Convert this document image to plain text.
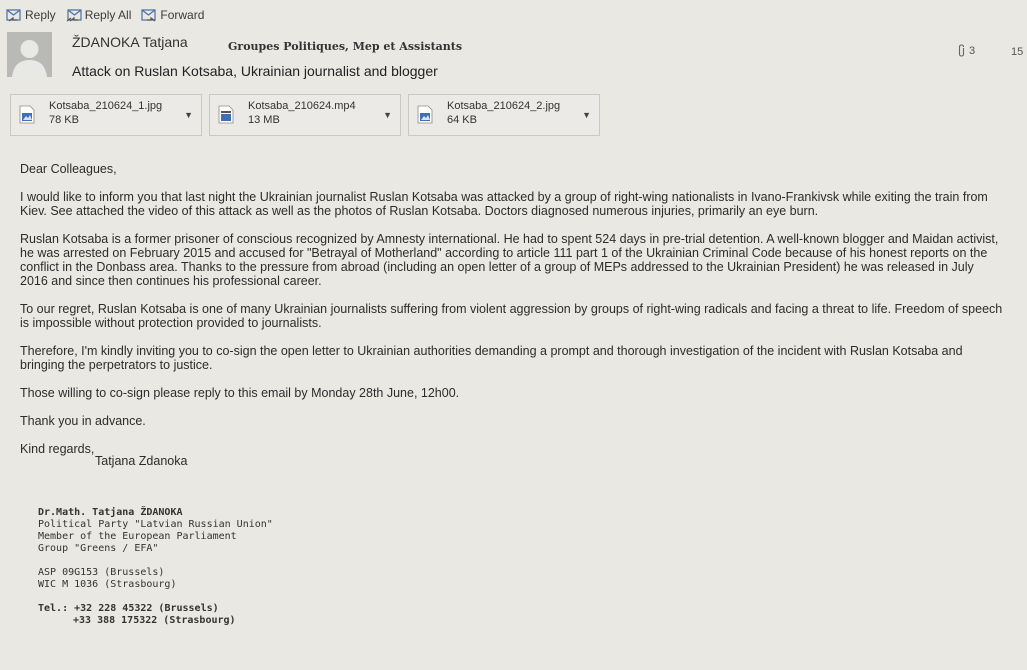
Reply Reply All Forward
ŽDANOKA Tatjana	Groupes Politiques, Mep et Assistants
Attack on Ruslan Kotsaba, Ukrainian journalist and blogger
3	15
Kotsaba_210624_1.jpg
78 KB	▼
Kotsaba_210624.mp4
13 MB	▼
Kotsaba_210624_2.jpg
64 KB	▼

Dear Colleagues,

I would like to inform you that last night the Ukrainian journalist Ruslan Kotsaba was attacked by a group of right-wing nationalists in Ivano-Frankivsk while exiting the train from Kiev. See attached the video of this attack as well as the photos of Ruslan Kotsaba. Doctors diagnosed numerous injuries, primarily an eye burn.

Ruslan Kotsaba is a former prisoner of conscious recognized by Amnesty international. He had to spent 524 days in pre-trial detention. A well-known blogger and Maidan activist, he was arrested on February 2015 and accused for "Betrayal of Motherland" according to article 111 part 1 of the Ukrainian Criminal Code because of his honest reports on the conflict in the Donbass area. Thanks to the pressure from abroad (including an open letter of a group of MEPs addressed to the Ukrainian President) he was released in July 2016 and since then continues his professional career.

To our regret, Ruslan Kotsaba is one of many Ukrainian journalists suffering from violent aggression by groups of right-wing radicals and facing a threat to life. Freedom of speech is impossible without protection provided to journalists.

Therefore, I'm kindly inviting you to co-sign the open letter to Ukrainian authorities demanding a prompt and thorough investigation of the incident with Ruslan Kotsaba and bringing the perpetrators to justice.

Those willing to co-sign please reply to this email by Monday 28th June, 12h00.

Thank you in advance.

Kind regards,
Tatjana Zdanoka
Dr.Math. Tatjana ŽDANOKA
Political Party "Latvian Russian Union"
Member of the European Parliament
Group "Greens / EFA"
ASP 09G153 (Brussels)
WIC M 1036 (Strasbourg)
Tel.: +32 228 45322 (Brussels)
+33 388 175322 (Strasbourg)
